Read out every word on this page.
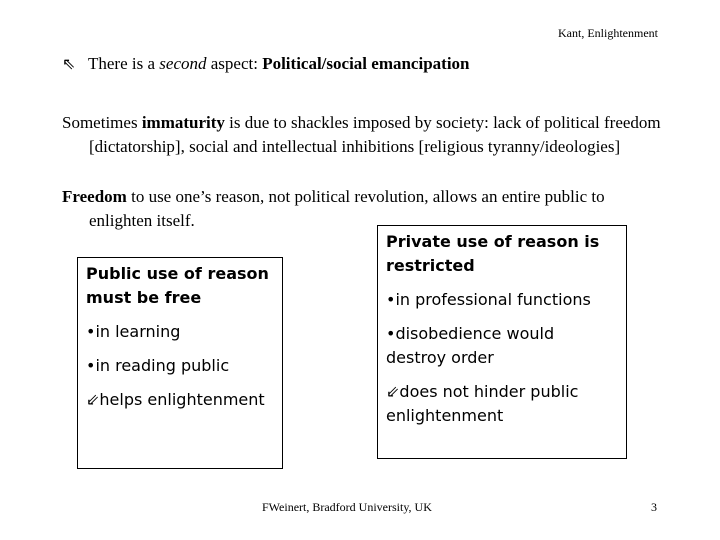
Kant, Enlightenment
⇖ There is a second aspect: Political/social emancipation
Sometimes immaturity is due to shackles imposed by society: lack of political freedom [dictatorship], social and intellectual inhibitions [religious tyranny/ideologies]
Freedom to use one’s reason, not political revolution, allows an entire public to enlighten itself.

Public use of reason must be free

•in learning

•in reading public

⇙helps enlightenment

Private use of reason is restricted

•in professional functions

•disobedience would destroy order

⇙does not hinder public enlightenment

FWeinert, Bradford University, UK	3
